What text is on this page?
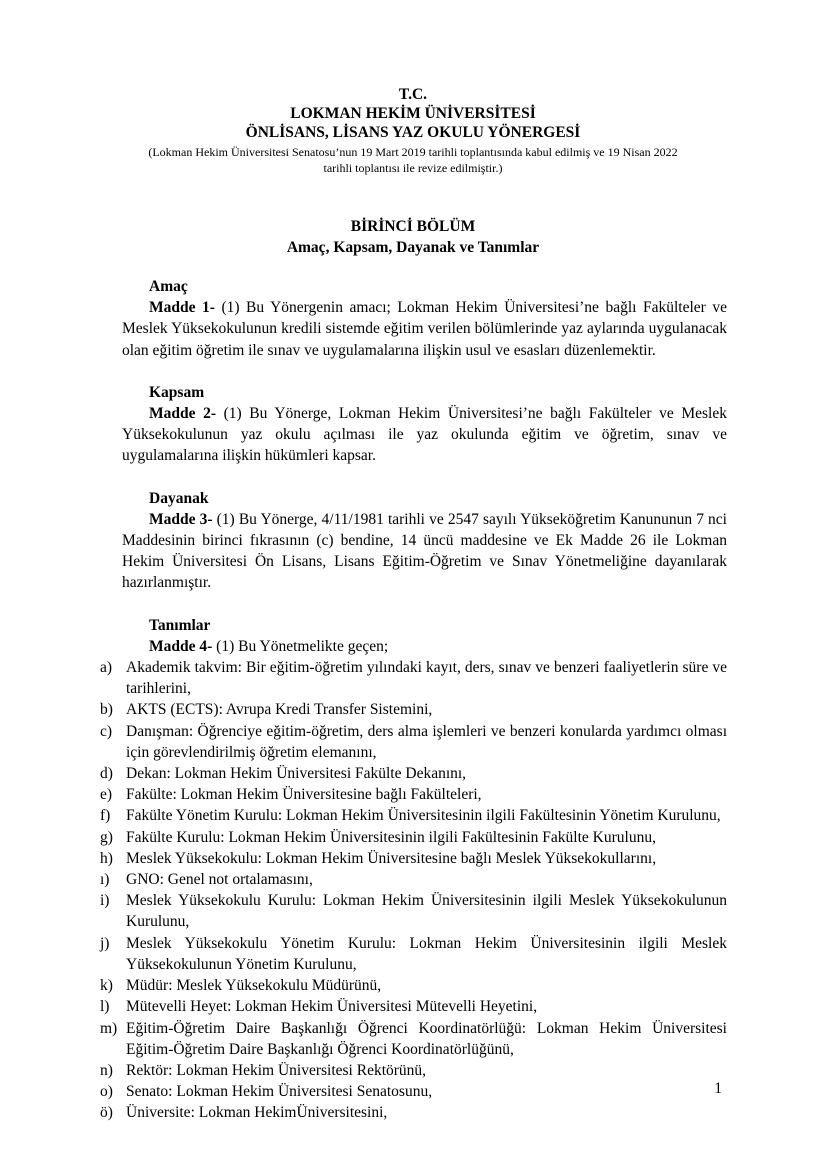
T.C.
LOKMAN HEKİM ÜNİVERSİTESİ
ÖNLİSANS, LİSANS YAZ OKULU YÖNERGESİ
(Lokman Hekim Üniversitesi Senatosu’nun 19 Mart 2019 tarihli toplantısında kabul edilmiş ve 19 Nisan 2022
tarihli toplantısı ile revize edilmiştir.)
BİRİNCİ BÖLÜM
Amaç, Kapsam, Dayanak ve Tanımlar
Amaç
Madde 1- (1) Bu Yönergenin amacı; Lokman Hekim Üniversitesi’ne bağlı Fakülteler ve Meslek Yüksekokulunun kredili sistemde eğitim verilen bölümlerinde yaz aylarında uygulanacak olan eğitim öğretim ile sınav ve uygulamalarına ilişkin usul ve esasları düzenlemektir.
Kapsam
Madde 2- (1) Bu Yönerge, Lokman Hekim Üniversitesi’ne bağlı Fakülteler ve Meslek Yüksekokulunun yaz okulu açılması ile yaz okulunda eğitim ve öğretim, sınav ve uygulamalarına ilişkin hükümleri kapsar.
Dayanak
Madde 3- (1) Bu Yönerge, 4/11/1981 tarihli ve 2547 sayılı Yükseköğretim Kanununun 7 nci Maddesinin birinci fıkrasının (c) bendine, 14 üncü maddesine ve Ek Madde 26 ile Lokman Hekim Üniversitesi Ön Lisans, Lisans Eğitim-Öğretim ve Sınav Yönetmeliğine dayanılarak hazırlanmıştır.
Tanımlar
Madde 4- (1) Bu Yönetmelikte geçen;
a) Akademik takvim: Bir eğitim-öğretim yılındaki kayıt, ders, sınav ve benzeri faaliyetlerin süre ve tarihlerini,
b) AKTS (ECTS): Avrupa Kredi Transfer Sistemini,
c) Danışman: Öğrenciye eğitim-öğretim, ders alma işlemleri ve benzeri konularda yardımcı olması için görevlendirilmiş öğretim elemanını,
d) Dekan: Lokman Hekim Üniversitesi Fakülte Dekanını,
e) Fakülte: Lokman Hekim Üniversitesine bağlı Fakülteleri,
f)	Fakülte Yönetim Kurulu: Lokman Hekim Üniversitesinin ilgili Fakültesinin Yönetim Kurulunu,
g) Fakülte Kurulu: Lokman Hekim Üniversitesinin ilgili Fakültesinin Fakülte Kurulunu,
h) Meslek Yüksekokulu: Lokman Hekim Üniversitesine bağlı Meslek Yüksekokullarını,
ı)	GNO: Genel not ortalamasını,
i)	Meslek Yüksekokulu Kurulu: Lokman Hekim Üniversitesinin ilgili Meslek Yüksekokulunun Kurulunu,
j)	Meslek Yüksekokulu Yönetim Kurulu: Lokman Hekim Üniversitesinin ilgili Meslek Yüksekokulunun Yönetim Kurulunu,
k) Müdür: Meslek Yüksekokulu Müdürünü,
l)	Mütevelli Heyet: Lokman Hekim Üniversitesi Mütevelli Heyetini,
m) Eğitim-Öğretim Daire Başkanlığı Öğrenci Koordinatörlüğü: Lokman Hekim Üniversitesi Eğitim-Öğretim Daire Başkanlığı Öğrenci Koordinatörlüğünü,
n) Rektör: Lokman Hekim Üniversitesi Rektörünü,
o) Senato: Lokman Hekim Üniversitesi Senatosunu,
ö) Üniversite: Lokman HekimÜniversitesini,
1
